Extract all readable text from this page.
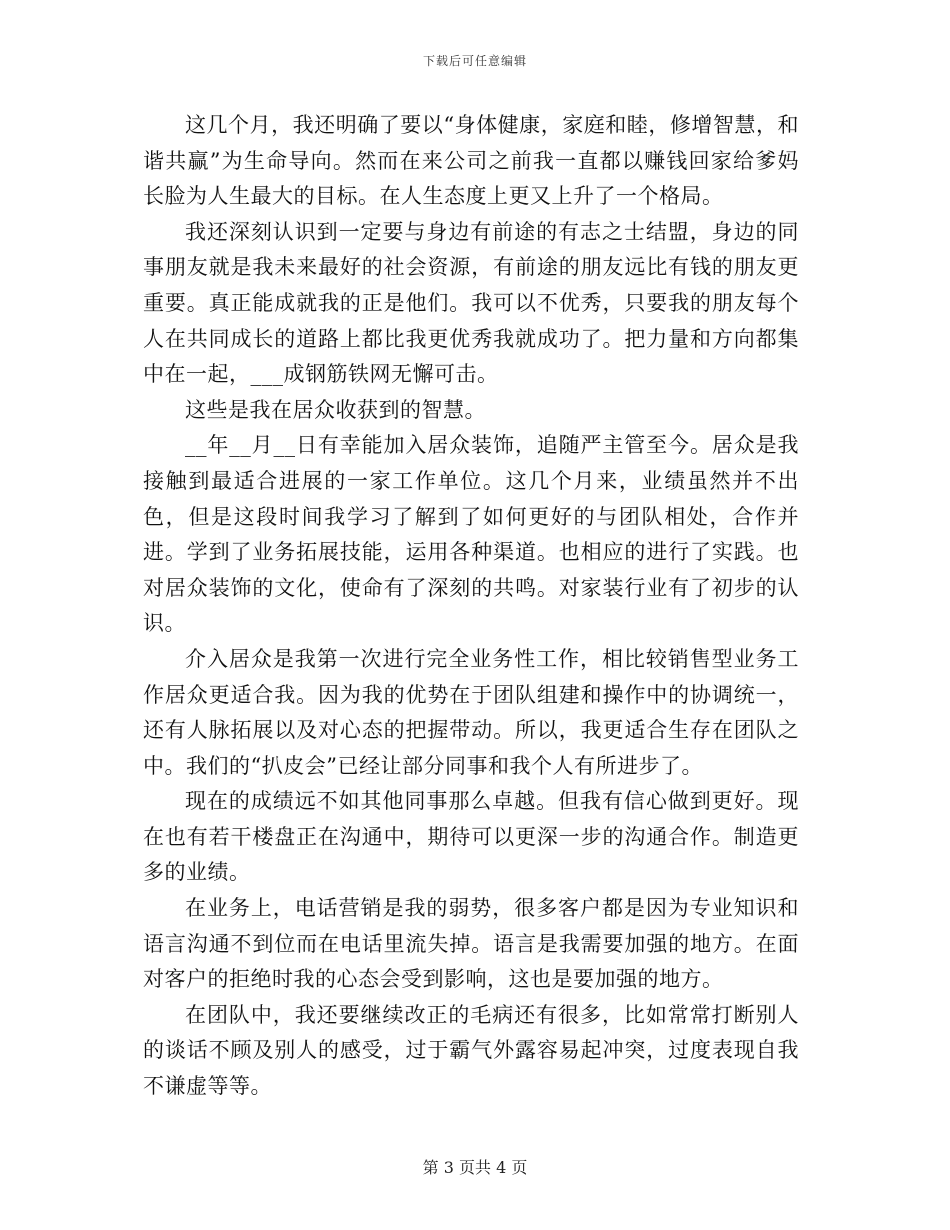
下载后可任意编辑

这几个月，我还明确了要以“身体健康，家庭和睦，修增智慧，和谐共赢”为生命导向。然而在来公司之前我一直都以赚钱回家给爹妈长脸为人生最大的目标。在人生态度上更又上升了一个格局。

我还深刻认识到一定要与身边有前途的有志之士结盟，身边的同事朋友就是我未来最好的社会资源，有前途的朋友远比有钱的朋友更重要。真正能成就我的正是他们。我可以不优秀，只要我的朋友每个人在共同成长的道路上都比我更优秀我就成功了。把力量和方向都集中在一起，___成钢筋铁网无懈可击。

这些是我在居众收获到的智慧。

__年__月__日有幸能加入居众装饰，追随严主管至今。居众是我接触到最适合进展的一家工作单位。这几个月来，业绩虽然并不出色，但是这段时间我学习了解到了如何更好的与团队相处，合作并进。学到了业务拓展技能，运用各种渠道。也相应的进行了实践。也对居众装饰的文化，使命有了深刻的共鸣。对家装行业有了初步的认识。

介入居众是我第一次进行完全业务性工作，相比较销售型业务工作居众更适合我。因为我的优势在于团队组建和操作中的协调统一，还有人脉拓展以及对心态的把握带动。所以，我更适合生存在团队之中。我们的“扒皮会”已经让部分同事和我个人有所进步了。

现在的成绩远不如其他同事那么卓越。但我有信心做到更好。现在也有若干楼盘正在沟通中，期待可以更深一步的沟通合作。制造更多的业绩。

在业务上，电话营销是我的弱势，很多客户都是因为专业知识和语言沟通不到位而在电话里流失掉。语言是我需要加强的地方。在面对客户的拒绝时我的心态会受到影响，这也是要加强的地方。

在团队中，我还要继续改正的毛病还有很多，比如常常打断别人的谈话不顾及别人的感受，过于霸气外露容易起冲突，过度表现自我不谦虚等等。

第 3 页共 4 页
